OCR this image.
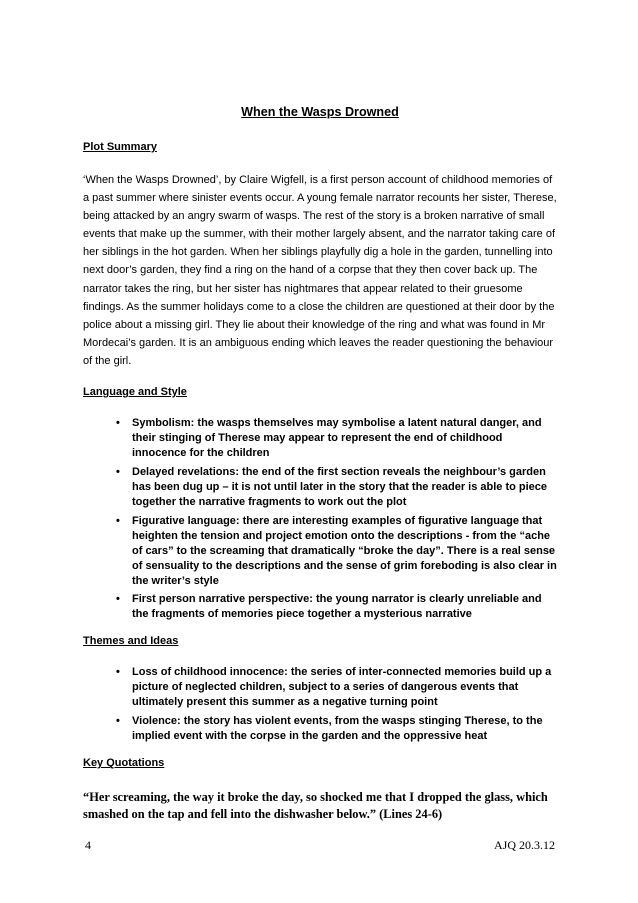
When the Wasps Drowned
Plot Summary

‘When the Wasps Drowned’, by Claire Wigfell, is a first person account of childhood memories of a past summer where sinister events occur. A young female narrator recounts her sister, Therese, being attacked by an angry swarm of wasps. The rest of the story is a broken narrative of small events that make up the summer, with their mother largely absent, and the narrator taking care of her siblings in the hot garden. When her siblings playfully dig a hole in the garden, tunnelling into next door’s garden, they find a ring on the hand of a corpse that they then cover back up. The narrator takes the ring, but her sister has nightmares that appear related to their gruesome findings. As the summer holidays come to a close the children are questioned at their door by the police about a missing girl. They lie about their knowledge of the ring and what was found in Mr Mordecai’s garden. It is an ambiguous ending which leaves the reader questioning the behaviour of the girl.

Language and Style
• Symbolism: the wasps themselves may symbolise a latent natural danger, and their stinging of Therese may appear to represent the end of childhood innocence for the children
• Delayed revelations: the end of the first section reveals the neighbour’s garden has been dug up – it is not until later in the story that the reader is able to piece together the narrative fragments to work out the plot
• Figurative language: there are interesting examples of figurative language that heighten the tension and project emotion onto the descriptions - from the “ache of cars” to the screaming that dramatically “broke the day”. There is a real sense of sensuality to the descriptions and the sense of grim foreboding is also clear in the writer’s style
• First person narrative perspective: the young narrator is clearly unreliable and the fragments of memories piece together a mysterious narrative
Themes and Ideas
• Loss of childhood innocence: the series of inter-connected memories build up a picture of neglected children, subject to a series of dangerous events that ultimately present this summer as a negative turning point
• Violence: the story has violent events, from the wasps stinging Therese, to the implied event with the corpse in the garden and the oppressive heat
Key Quotations

“Her screaming, the way it broke the day, so shocked me that I dropped the glass, which smashed on the tap and fell into the dishwasher below.” (Lines 24-6)

4	AJQ 20.3.12
